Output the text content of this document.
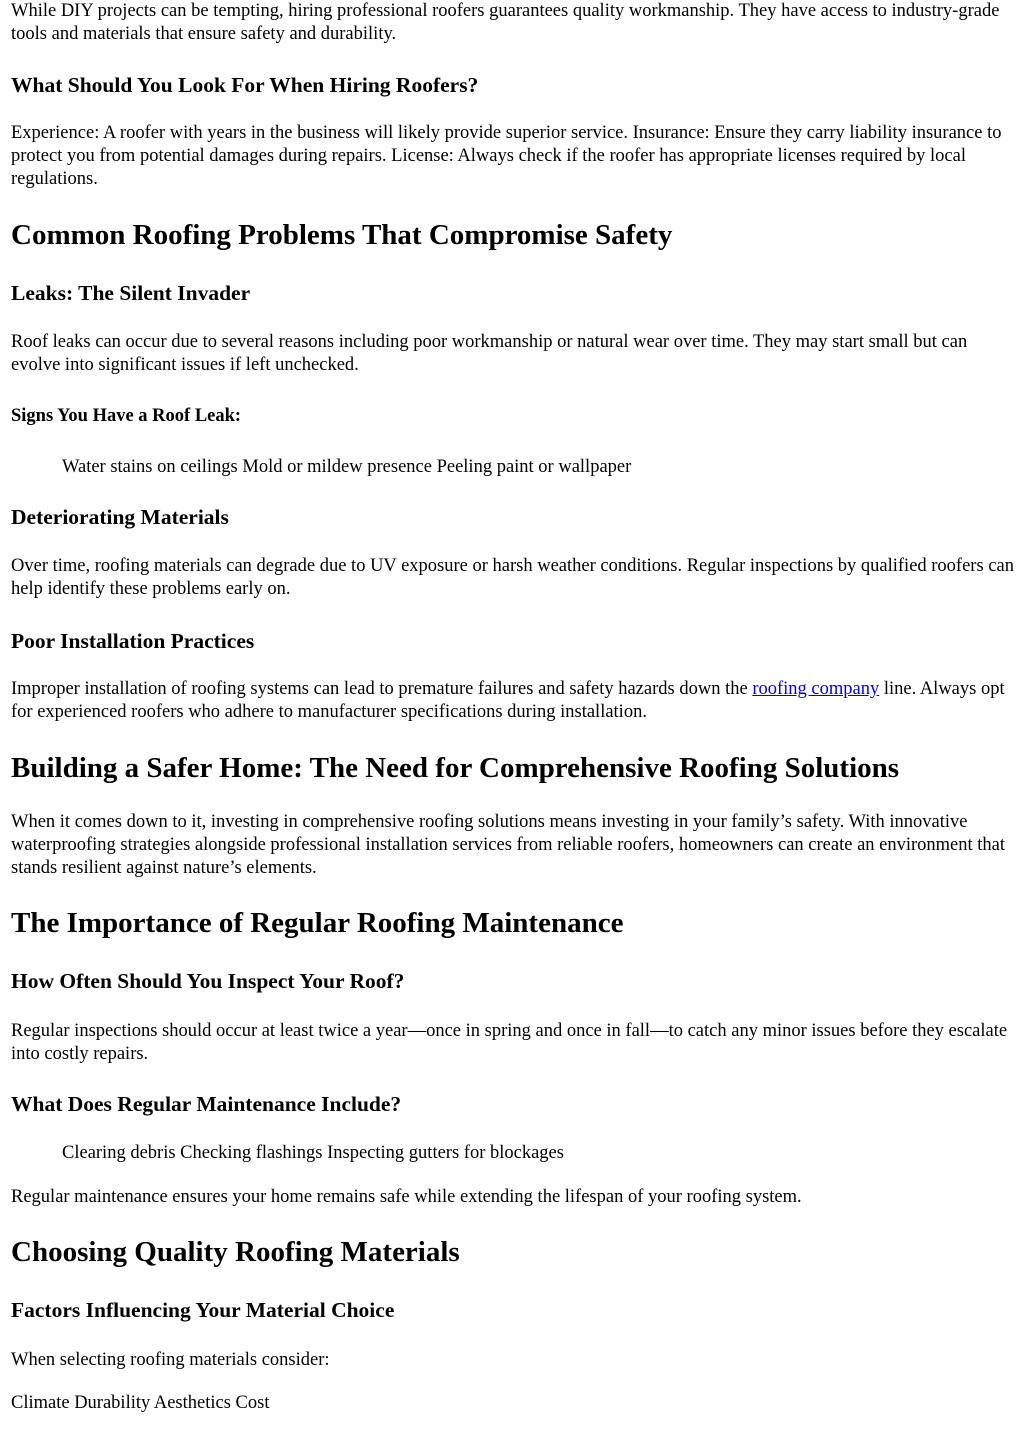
While DIY projects can be tempting, hiring professional roofers guarantees quality workmanship. They have access to industry-grade tools and materials that ensure safety and durability.

What Should You Look For When Hiring Roofers?

Experience: A roofer with years in the business will likely provide superior service. Insurance: Ensure they carry liability insurance to protect you from potential damages during repairs. License: Always check if the roofer has appropriate licenses required by local regulations.

Common Roofing Problems That Compromise Safety
Leaks: The Silent Invader

Roof leaks can occur due to several reasons including poor workmanship or natural wear over time. They may start small but can evolve into significant issues if left unchecked.

Signs You Have a Roof Leak:
Water stains on ceilings Mold or mildew presence Peeling paint or wallpaper
Deteriorating Materials

Over time, roofing materials can degrade due to UV exposure or harsh weather conditions. Regular inspections by qualified roofers can help identify these problems early on.

Poor Installation Practices

Improper installation of roofing systems can lead to premature failures and safety hazards down the roofing company line. Always opt for experienced roofers who adhere to manufacturer specifications during installation.

Building a Safer Home: The Need for Comprehensive Roofing Solutions

When it comes down to it, investing in comprehensive roofing solutions means investing in your family’s safety. With innovative waterproofing strategies alongside professional installation services from reliable roofers, homeowners can create an environment that stands resilient against nature’s elements.

The Importance of Regular Roofing Maintenance
How Often Should You Inspect Your Roof?

Regular inspections should occur at least twice a year—once in spring and once in fall—to catch any minor issues before they escalate into costly repairs.

What Does Regular Maintenance Include?
Clearing debris Checking flashings Inspecting gutters for blockages

Regular maintenance ensures your home remains safe while extending the lifespan of your roofing system.

Choosing Quality Roofing Materials
Factors Influencing Your Material Choice

When selecting roofing materials consider:

Climate Durability Aesthetics Cost
